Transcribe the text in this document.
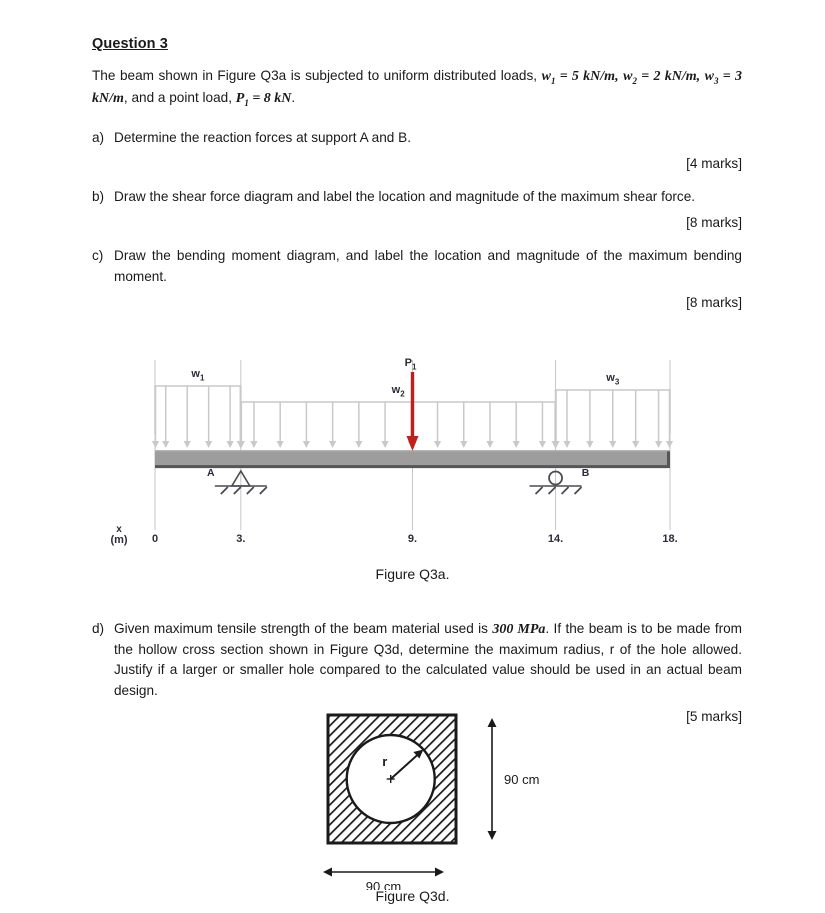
Question 3

The beam shown in Figure Q3a is subjected to uniform distributed loads, $w_1 = 5$ kN/m, $w_2 = 2$ kN/m, $w_3 = 3$ kN/m, and a point load, $P_1 = 8$ kN.

a) Determine the reaction forces at support A and B.
[4 marks]
b) Draw the shear force diagram and label the location and magnitude of the maximum shear force.
[8 marks]
c) Draw the bending moment diagram, and label the location and magnitude of the maximum bending moment.
[8 marks]
$w_1$
$w_2$
$w_3$
$P_1$
A	B
0	3.	9.	14.	18.
x
(m)
Figure Q3a.
d) Given maximum tensile strength of the beam material used is 300 MPa. If the beam is to be made from the hollow cross section shown in Figure Q3d, determine the maximum radius, r of the hole allowed. Justify if a larger or smaller hole compared to the calculated value should be used in an actual beam design.
[5 marks]
r
90 cm
90 cm
Figure Q3d.
